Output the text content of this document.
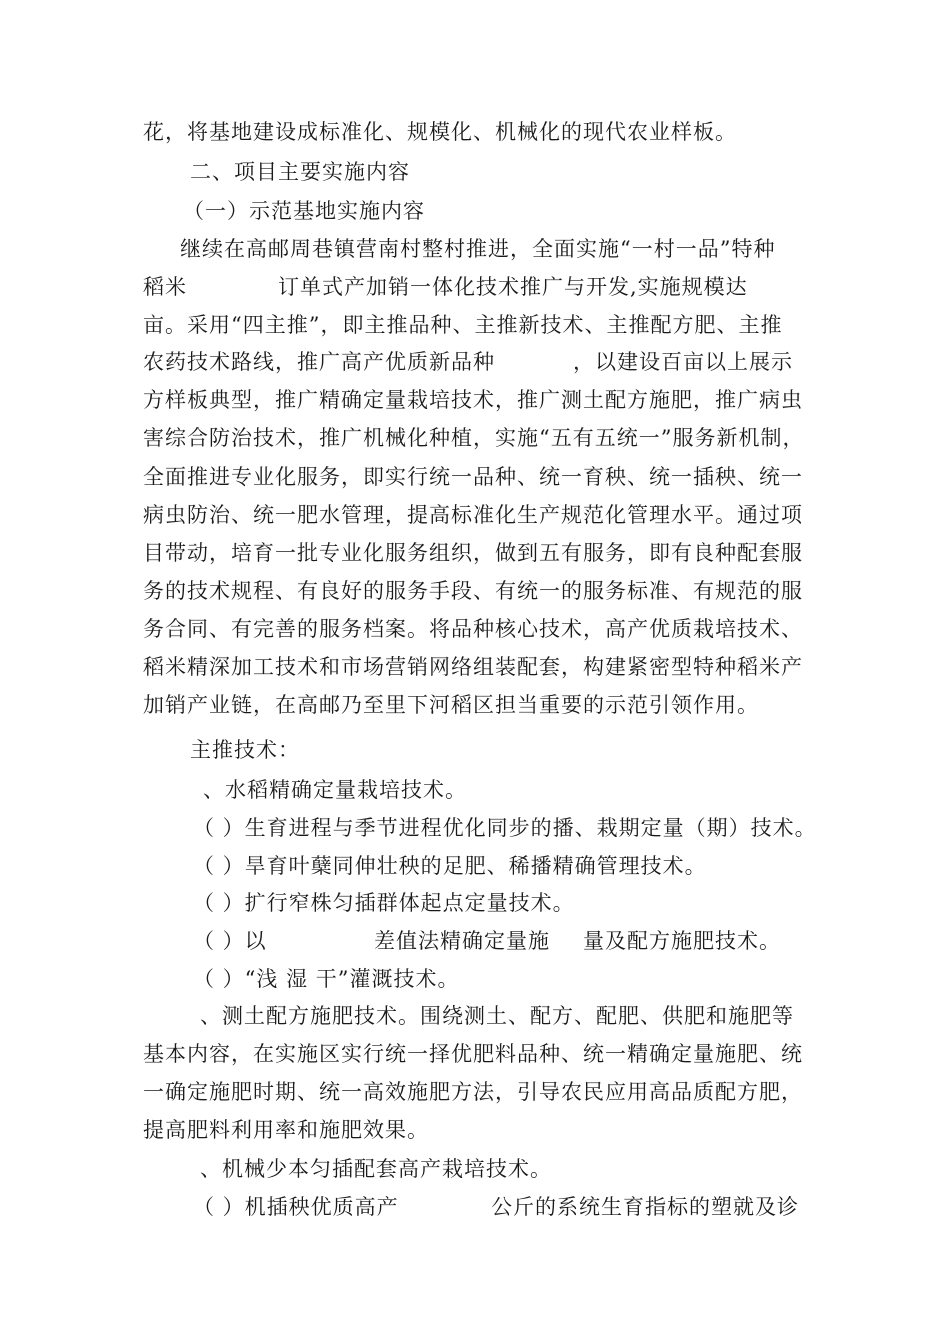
花，将基地建设成标准化、规模化、机械化的现代农业样板。
二、项目主要实施内容
（一）示范基地实施内容
继续在高邮周巷镇营南村整村推进，全面实施“一村一品”特种
稻米	订单式产加销一体化技术推广与开发,实施规模达
亩。采用“四主推”，即主推品种、主推新技术、主推配方肥、主推
农药技术路线，推广高产优质新品种	，以建设百亩以上展示
方样板典型，推广精确定量栽培技术，推广测土配方施肥，推广病虫
害综合防治技术，推广机械化种植，实施“五有五统一”服务新机制，
全面推进专业化服务，即实行统一品种、统一育秧、统一插秧、统一
病虫防治、统一肥水管理，提高标准化生产规范化管理水平。通过项
目带动，培育一批专业化服务组织，做到五有服务，即有良种配套服
务的技术规程、有良好的服务手段、有统一的服务标准、有规范的服
务合同、有完善的服务档案。将品种核心技术，高产优质栽培技术、
稻米精深加工技术和市场营销网络组装配套，构建紧密型特种稻米产
加销产业链，在高邮乃至里下河稻区担当重要的示范引领作用。
主推技术：
、水稻精确定量栽培技术。
（ ）生育进程与季节进程优化同步的播、栽期定量（期）技术。
（ ）旱育叶蘖同伸壮秧的足肥、稀播精确管理技术。
（ ）扩行窄株匀插群体起点定量技术。
（ ）以	差值法精确定量施 量及配方施肥技术。
（ ）“浅 湿 干”灌溉技术。
、测土配方施肥技术。围绕测土、配方、配肥、供肥和施肥等
基本内容，在实施区实行统一择优肥料品种、统一精确定量施肥、统
一确定施肥时期、统一高效施肥方法，引导农民应用高品质配方肥，
提高肥料利用率和施肥效果。
、机械少本匀插配套高产栽培技术。
（ ）机插秧优质高产	公斤的系统生育指标的塑就及诊
